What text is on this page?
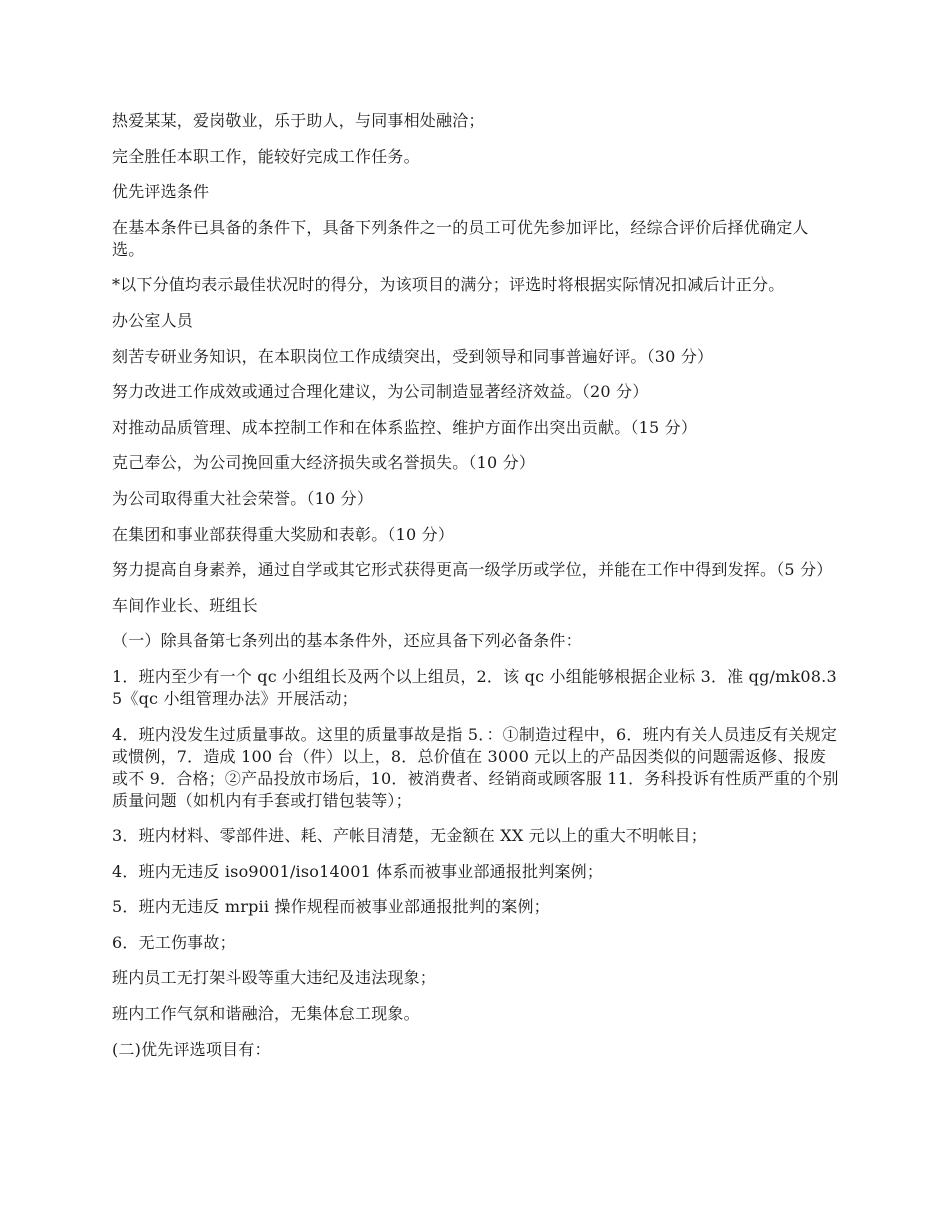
热爱某某，爱岗敬业，乐于助人，与同事相处融洽；

完全胜任本职工作，能较好完成工作任务。

优先评选条件

在基本条件已具备的条件下，具备下列条件之一的员工可优先参加评比，经综合评价后择优确定人选。

*以下分值均表示最佳状况时的得分，为该项目的满分；评选时将根据实际情况扣减后计正分。

办公室人员

刻苦专研业务知识，在本职岗位工作成绩突出，受到领导和同事普遍好评。（30 分）

努力改进工作成效或通过合理化建议，为公司制造显著经济效益。（20 分）

对推动品质管理、成本控制工作和在体系监控、维护方面作出突出贡献。（15 分）

克己奉公，为公司挽回重大经济损失或名誉损失。（10 分）

为公司取得重大社会荣誉。（10 分）

在集团和事业部获得重大奖励和表彰。（10 分）

努力提高自身素养，通过自学或其它形式获得更高一级学历或学位，并能在工作中得到发挥。（5 分）

车间作业长、班组长

（一）除具备第七条列出的基本条件外，还应具备下列必备条件：

1．班内至少有一个 qc 小组组长及两个以上组员，2．该 qc 小组能够根据企业标 3．准 qg/mk08.35《qc 小组管理办法》开展活动；

4．班内没发生过质量事故。这里的质量事故是指 5．：①制造过程中，6．班内有关人员违反有关规定或惯例，7．造成 100 台（件）以上，8．总价值在 3000 元以上的产品因类似的问题需返修、报废或不 9．合格；②产品投放市场后，10．被消费者、经销商或顾客服 11．务科投诉有性质严重的个别质量问题（如机内有手套或打错包装等）；

3．班内材料、零部件进、耗、产帐目清楚，无金额在 XX 元以上的重大不明帐目；

4．班内无违反 iso9001/iso14001 体系而被事业部通报批判案例；

5．班内无违反 mrpii 操作规程而被事业部通报批判的案例；

6．无工伤事故；

班内员工无打架斗殴等重大违纪及违法现象；

班内工作气氛和谐融洽，无集体怠工现象。

(二)优先评选项目有：
